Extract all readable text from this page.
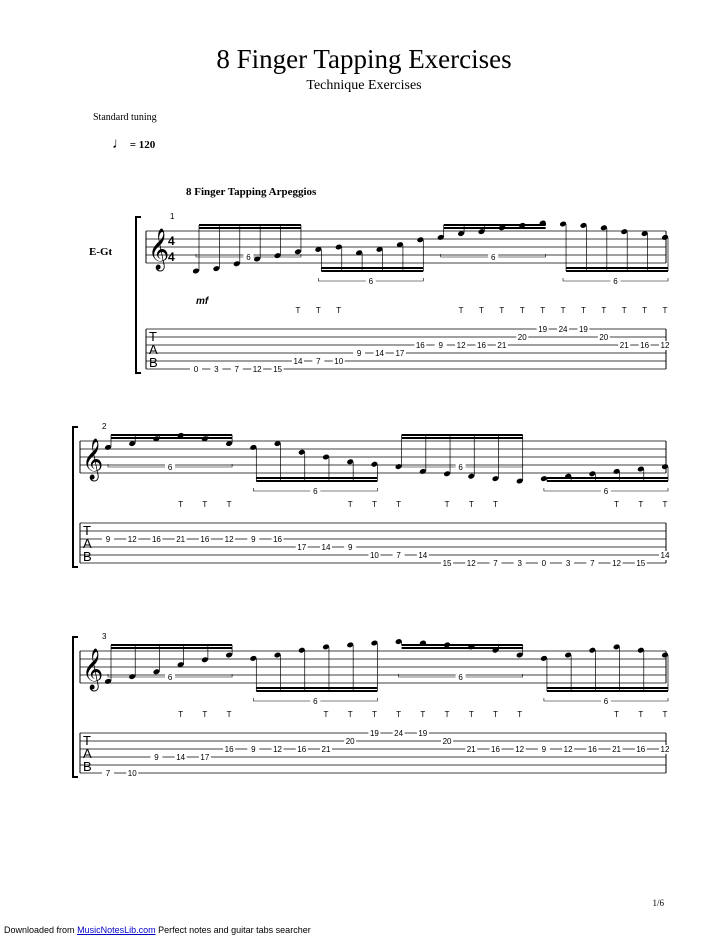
8 Finger Tapping Exercises
Technique Exercises
Standard tuning
♩ = 120
8 Finger Tapping Arpeggios
E-Gt 𝄞
4
4
1
T
A
B
mf
0 3 7 12 15
14 7 10
9 14 17
16 9 12 16 21
20
19 24 19
20
21 16 12
6
6
6
6
T T T	T T T T T T T T T T T
𝄞
2
T
A
B
9 12 16 21 16 12 9 16
17 14 9
10 7 14
15 12 7 3 0 3 7 12 15
14
6
6
6
6
T T T	T T T	T T T	T T T
𝄞
3
T
A
B 7 10
9 14 17
16 9 12 16 21
20
19 24 19
20
21 16 12 9 12 16 21 16 12
6
6
6
6
T T T	T T T T T T T T T	T T T
1/6
Downloaded from MusicNotesLib.com Perfect notes and guitar tabs searcher
